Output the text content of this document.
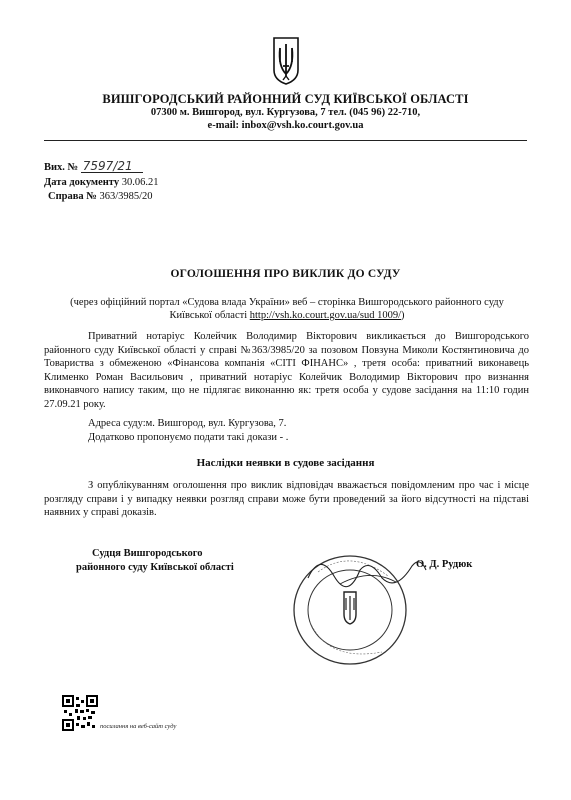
ВИШГОРОДСЬКИЙ РАЙОННИЙ СУД КИЇВСЬКОЇ ОБЛАСТІ
07300 м. Вишгород, вул. Кургузова, 7 тел. (045 96) 22-710,
e-mail: inbox@vsh.ko.court.gov.ua
Вих. № 7597/21
Дата документу 30.06.21
Справа № 363/3985/20
ОГОЛОШЕННЯ ПРО ВИКЛИК ДО СУДУ
(через офіційний портал «Судова влада України» веб – сторінка Вишгородського районного суду
Київської області http://vsh.ko.court.gov.ua/sud 1009/)

Приватний нотаріус Колейчик Володимир Вікторович викликається до Вишгородського районного суду Київської області у справі №363/3985/20 за позовом Повзуна Миколи Костянтиновича до Товариства з обмеженою «Фінансова компанія «СІТІ ФІНАНС» , третя особа: приватний виконавець Клименко Роман Васильович , приватний нотаріус Колейчик Володимир Вікторович про визнання виконавчого напису таким, що не підлягає виконанню як: третя особа у судове засідання на 11:10 годин 27.09.21 року.

Адреса суду:м. Вишгород, вул. Кургузова, 7.
Додатково пропонуємо подати такі докази - .
Наслідки неявки в судове засідання

З опублікуванням оголошення про виклик відповідач вважається повідомленим про час і місце розгляду справи і у випадку неявки розгляд справи може бути проведений за його відсутності на підставі наявних у справі доказів.

Судця Вишгородського
районного суду Київської області	О. Д. Рудюк
посилання на веб-сайт суду
